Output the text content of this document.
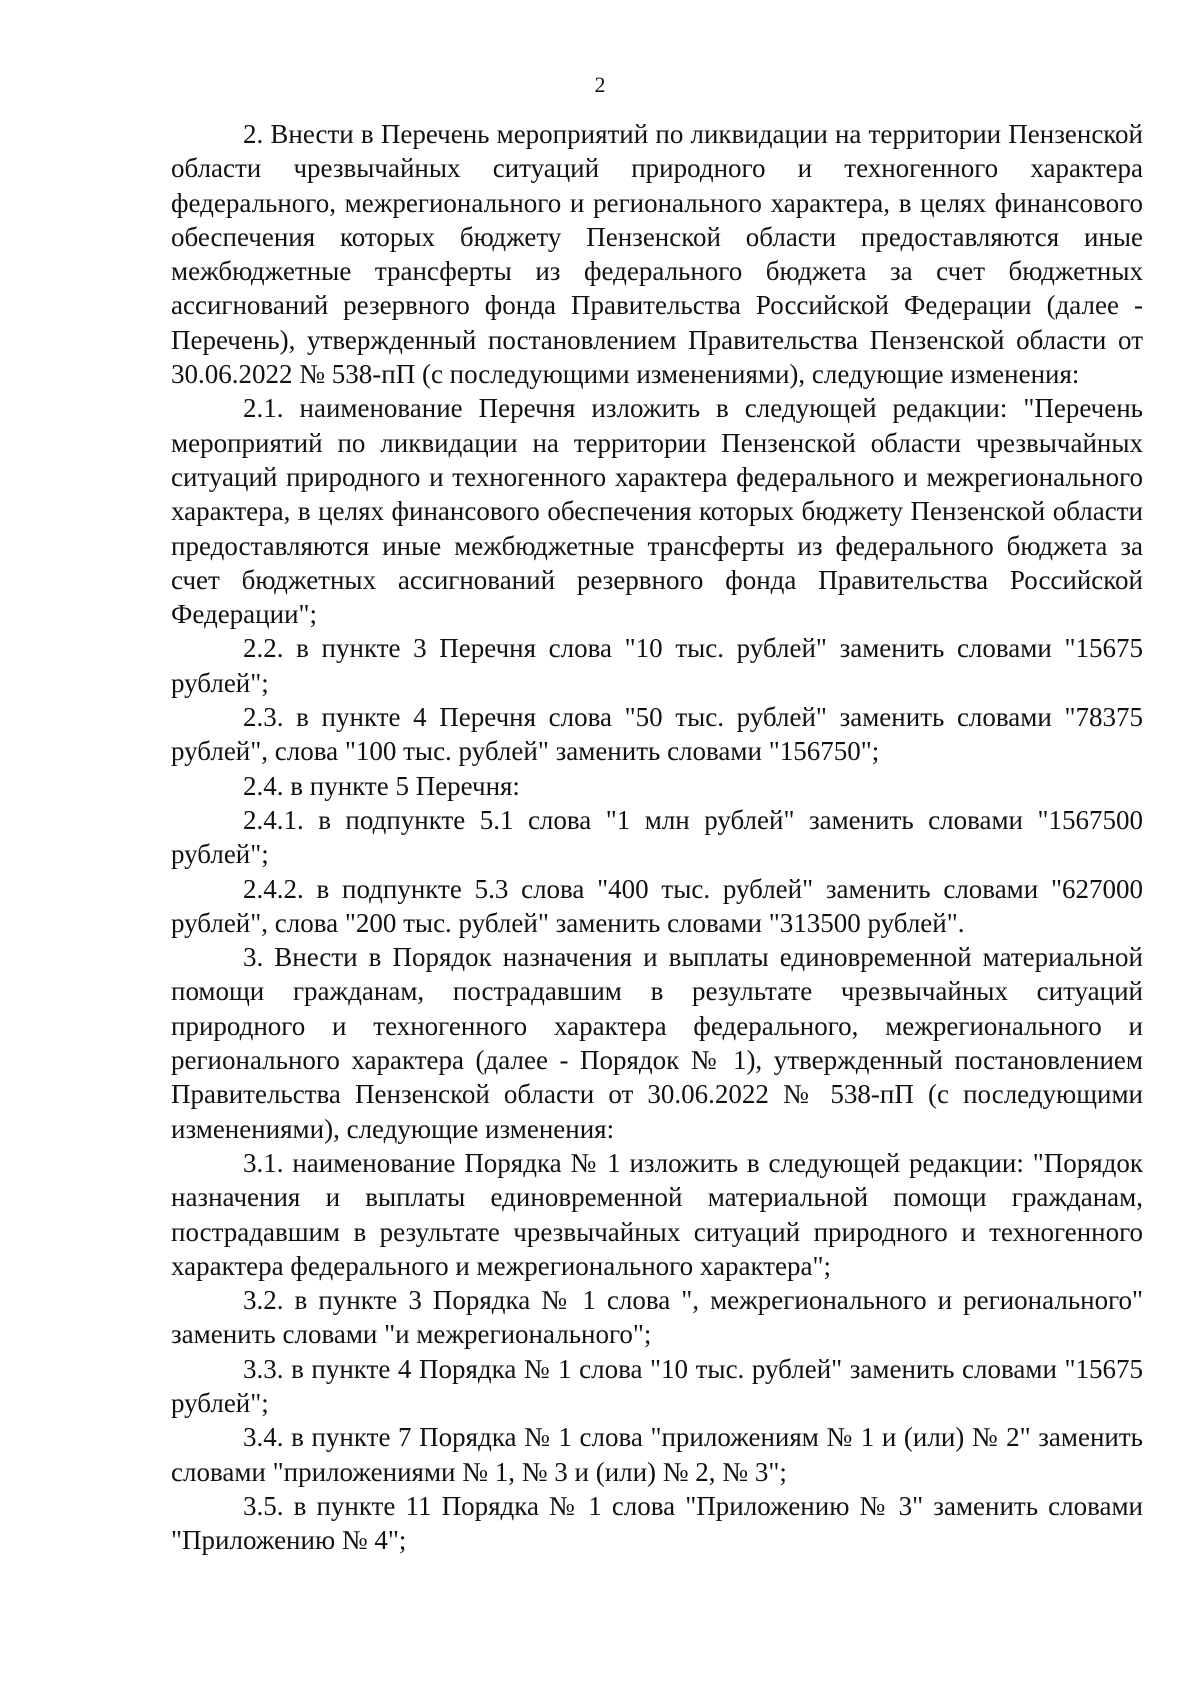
2

2. Внести в Перечень мероприятий по ликвидации на территории Пензенской области чрезвычайных ситуаций природного и техногенного характера федерального, межрегионального и регионального характера, в целях финансового обеспечения которых бюджету Пензенской области предоставляются иные межбюджетные трансферты из федерального бюджета за счет бюджетных ассигнований резервного фонда Правительства Российской Федерации (далее - Перечень), утвержденный постановлением Правительства Пензенской области от 30.06.2022 № 538-пП (с последующими изменениями), следующие изменения:

2.1. наименование Перечня изложить в следующей редакции: "Перечень мероприятий по ликвидации на территории Пензенской области чрезвычайных ситуаций природного и техногенного характера федерального и межрегионального характера, в целях финансового обеспечения которых бюджету Пензенской области предоставляются иные межбюджетные трансферты из федерального бюджета за счет бюджетных ассигнований резервного фонда Правительства Российской Федерации";

2.2. в пункте 3 Перечня слова "10 тыс. рублей" заменить словами "15675 рублей";

2.3. в пункте 4 Перечня слова "50 тыс. рублей" заменить словами "78375 рублей", слова "100 тыс. рублей" заменить словами "156750";

2.4. в пункте 5 Перечня:

2.4.1. в подпункте 5.1 слова "1 млн рублей" заменить словами "1567500 рублей";

2.4.2. в подпункте 5.3 слова "400 тыс. рублей" заменить словами "627000 рублей", слова "200 тыс. рублей" заменить словами "313500 рублей".

3. Внести в Порядок назначения и выплаты единовременной материальной помощи гражданам, пострадавшим в результате чрезвычайных ситуаций природного и техногенного характера федерального, межрегионального и регионального характера (далее - Порядок № 1), утвержденный постановлением Правительства Пензенской области от 30.06.2022 № 538-пП (с последующими изменениями), следующие изменения:

3.1. наименование Порядка № 1 изложить в следующей редакции: "Порядок назначения и выплаты единовременной материальной помощи гражданам, пострадавшим в результате чрезвычайных ситуаций природного и техногенного характера федерального и межрегионального характера";

3.2. в пункте 3 Порядка № 1 слова ", межрегионального и регионального" заменить словами "и межрегионального";

3.3. в пункте 4 Порядка № 1 слова "10 тыс. рублей" заменить словами "15675 рублей";

3.4. в пункте 7 Порядка № 1 слова "приложениям № 1 и (или) № 2" заменить словами "приложениями № 1, № 3 и (или) № 2, № 3";

3.5. в пункте 11 Порядка № 1 слова "Приложению № 3" заменить словами "Приложению № 4";
